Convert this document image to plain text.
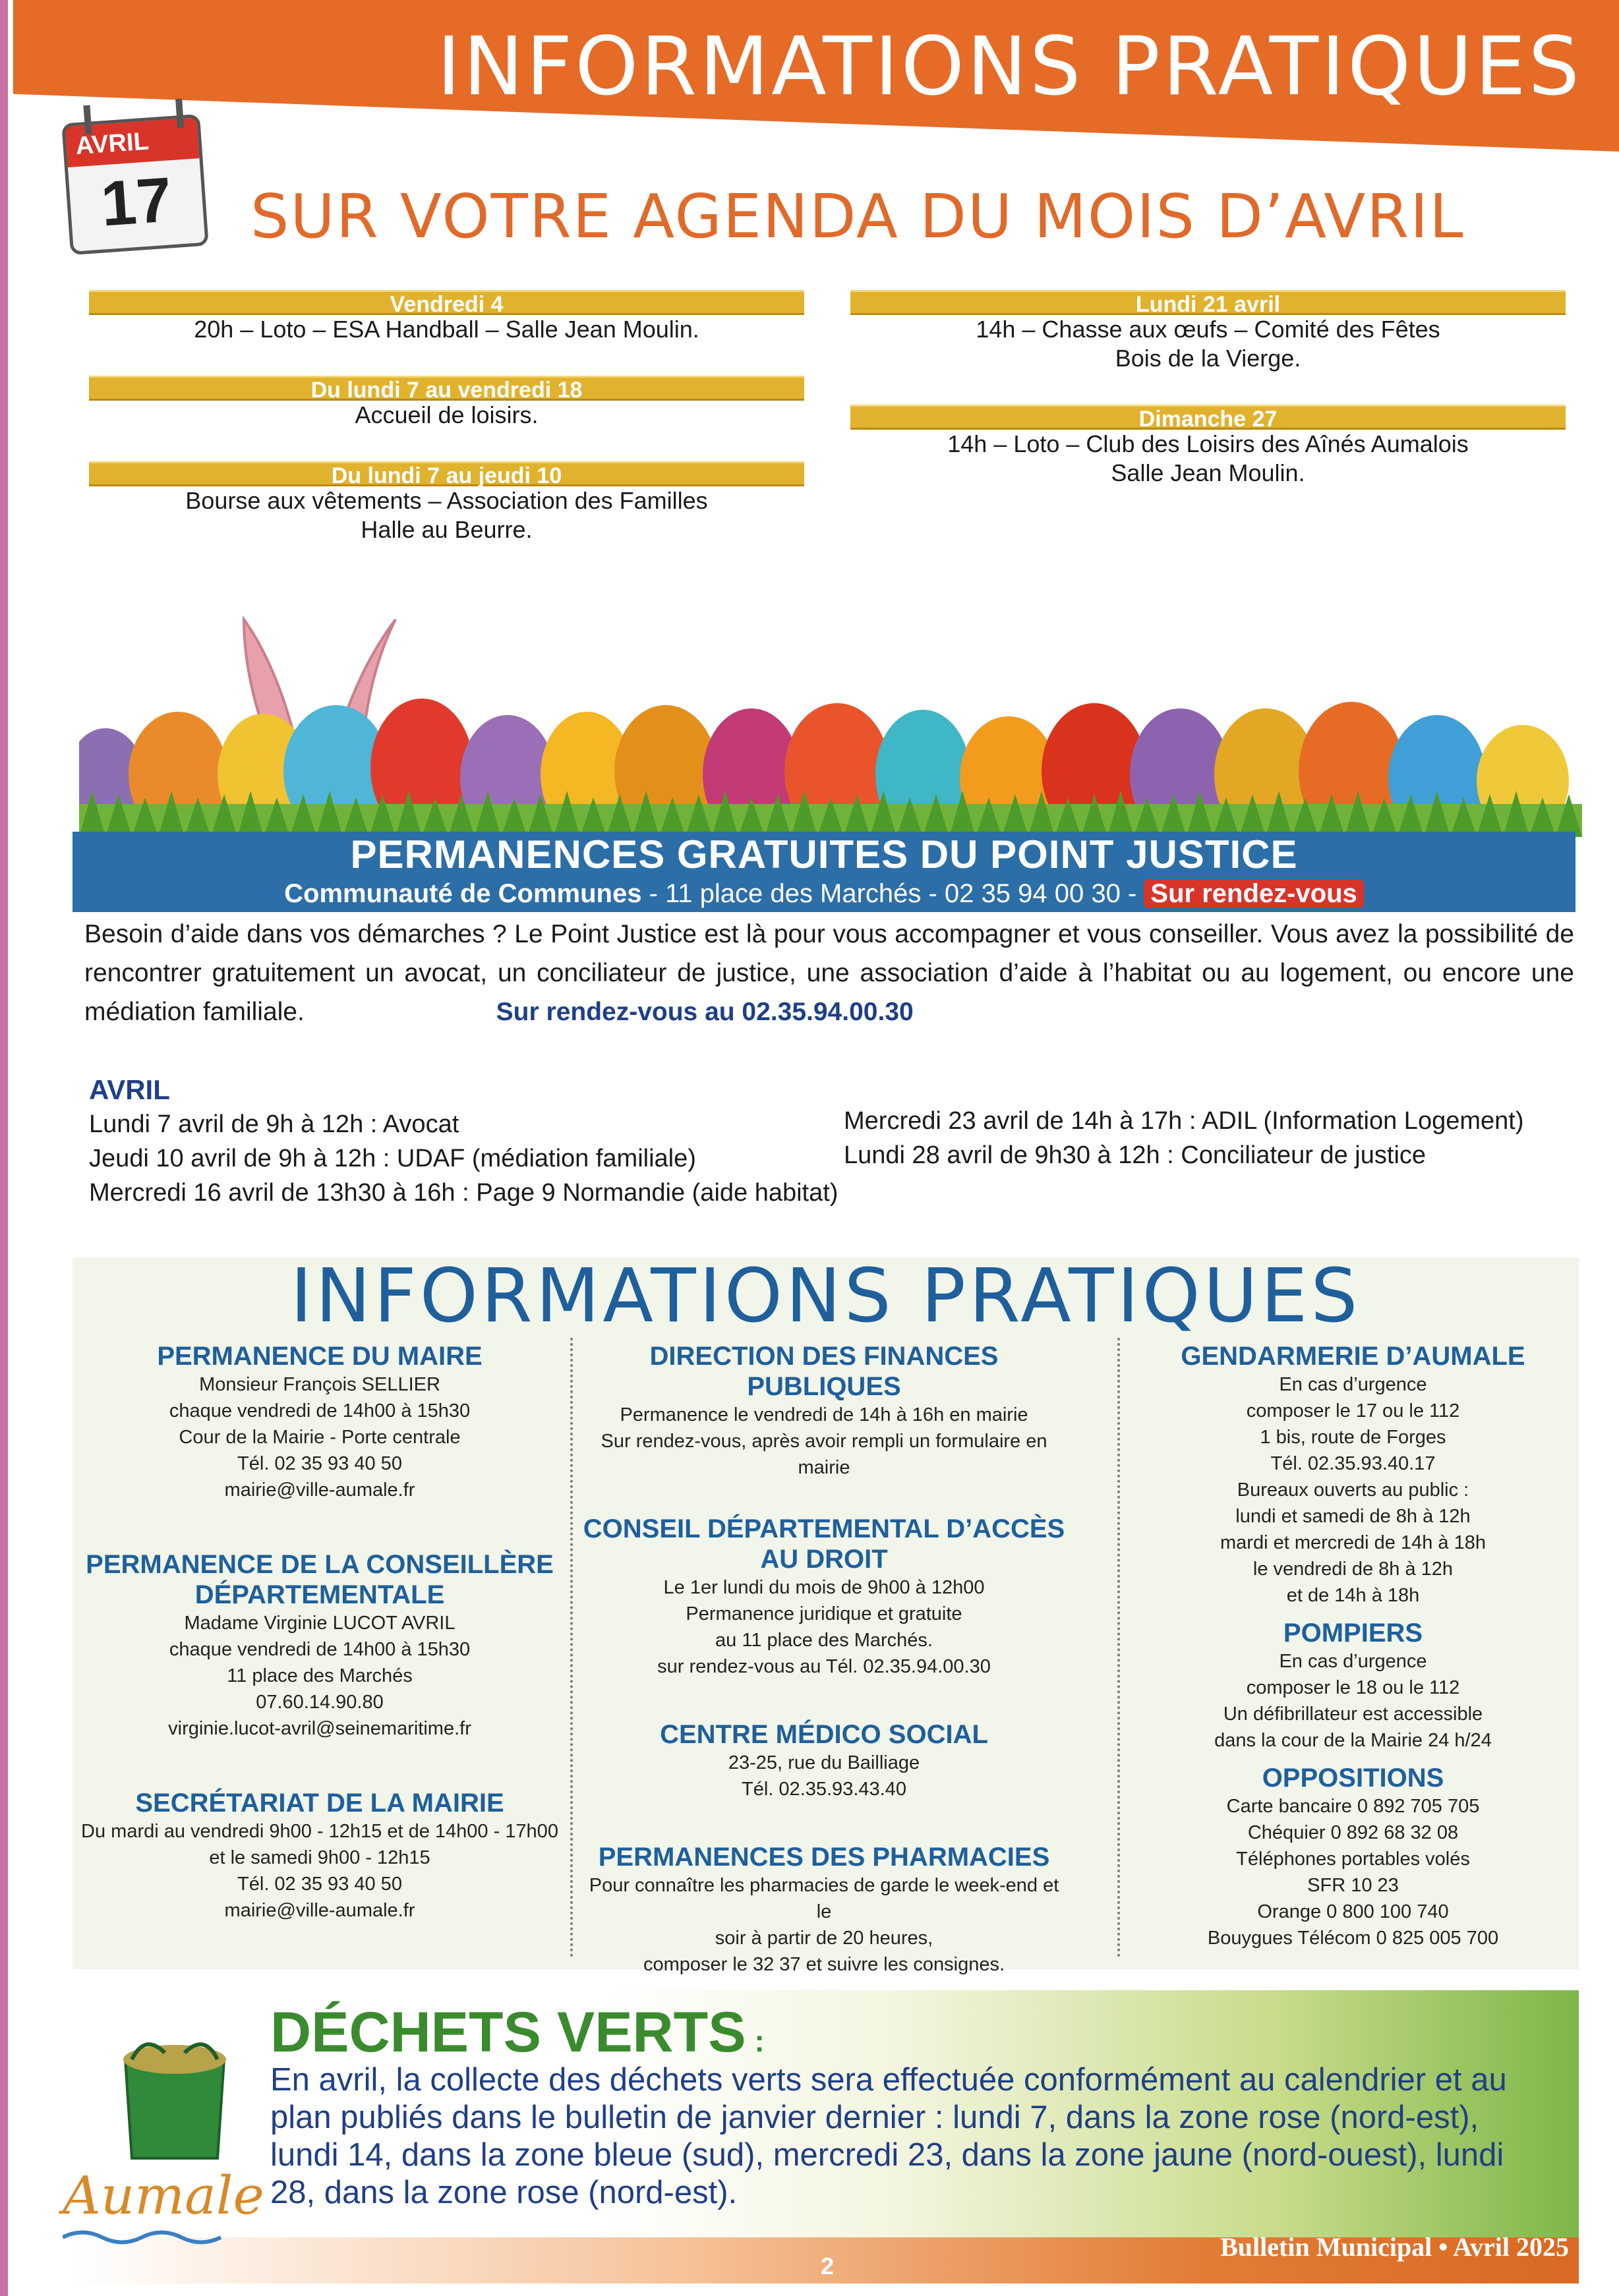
INFORMATIONS PRATIQUES
AVRIL
17	SUR VOTRE AGENDA DU MOIS D’AVRIL
Vendredi 4
20h – Loto – ESA Handball – Salle Jean Moulin.
Du lundi 7 au vendredi 18
Accueil de loisirs.
Du lundi 7 au jeudi 10
Bourse aux vêtements – Association des Familles
Halle au Beurre.
Lundi 21 avril
14h – Chasse aux œufs – Comité des Fêtes
Bois de la Vierge.
Dimanche 27
14h – Loto – Club des Loisirs des Aînés Aumalois
Salle Jean Moulin.
PERMANENCES GRATUITES DU POINT JUSTICE
Communauté de Communes - 11 place des Marchés - 02 35 94 00 30 - Sur rendez-vous
Besoin d’aide dans vos démarches ? Le Point Justice est là pour vous accompagner et vous conseiller. Vous avez la possibilité de rencontrer gratuitement un avocat, un conciliateur de justice, une association d’aide à l’habitat ou au logement, ou encore une médiation familiale.	Sur rendez-vous au 02.35.94.00.30
AVRIL
Lundi 7 avril de 9h à 12h : Avocat
Jeudi 10 avril de 9h à 12h : UDAF (médiation familiale)
Mercredi 16 avril de 13h30 à 16h : Page 9 Normandie (aide habitat)
Mercredi 23 avril de 14h à 17h : ADIL (Information Logement)
Lundi 28 avril de 9h30 à 12h : Conciliateur de justice
INFORMATIONS PRATIQUES
PERMANENCE DU MAIRE
Monsieur François SELLIER
chaque vendredi de 14h00 à 15h30
Cour de la Mairie - Porte centrale
Tél. 02 35 93 40 50
mairie@ville-aumale.fr
PERMANENCE DE LA CONSEILLÈRE
DÉPARTEMENTALE
Madame Virginie LUCOT AVRIL
chaque vendredi de 14h00 à 15h30
11 place des Marchés
07.60.14.90.80
virginie.lucot-avril@seinemaritime.fr
SECRÉTARIAT DE LA MAIRIE
Du mardi au vendredi 9h00 - 12h15 et de 14h00 - 17h00
et le samedi 9h00 - 12h15
Tél. 02 35 93 40 50
mairie@ville-aumale.fr
DIRECTION DES FINANCES PUBLIQUES
Permanence le vendredi de 14h à 16h en mairie
Sur rendez-vous, après avoir rempli un formulaire en mairie
CONSEIL DÉPARTEMENTAL D’ACCÈS AU DROIT
Le 1er lundi du mois de 9h00 à 12h00
Permanence juridique et gratuite
au 11 place des Marchés.
sur rendez-vous au Tél. 02.35.94.00.30
CENTRE MÉDICO SOCIAL
23-25, rue du Bailliage
Tél. 02.35.93.43.40
PERMANENCES DES PHARMACIES
Pour connaître les pharmacies de garde le week-end et le
soir à partir de 20 heures,
composer le 32 37 et suivre les consignes.
GENDARMERIE D’AUMALE
En cas d’urgence
composer le 17 ou le 112
1 bis, route de Forges
Tél. 02.35.93.40.17
Bureaux ouverts au public :
lundi et samedi de 8h à 12h
mardi et mercredi de 14h à 18h
le vendredi de 8h à 12h
et de 14h à 18h
POMPIERS
En cas d’urgence
composer le 18 ou le 112
Un défibrillateur est accessible
dans la cour de la Mairie 24 h/24
OPPOSITIONS
Carte bancaire 0 892 705 705
Chéquier 0 892 68 32 08
Téléphones portables volés
SFR 10 23
Orange 0 800 100 740
Bouygues Télécom 0 825 005 700
Aumale
DÉCHETS VERTS :
En avril, la collecte des déchets verts sera effectuée conformément au calendrier et au plan publiés dans le bulletin de janvier dernier : lundi 7, dans la zone rose (nord-est), lundi 14, dans la zone bleue (sud), mercredi 23, dans la zone jaune (nord-ouest), lundi 28, dans la zone rose (nord-est).
2
Bulletin Municipal • Avril 2025
